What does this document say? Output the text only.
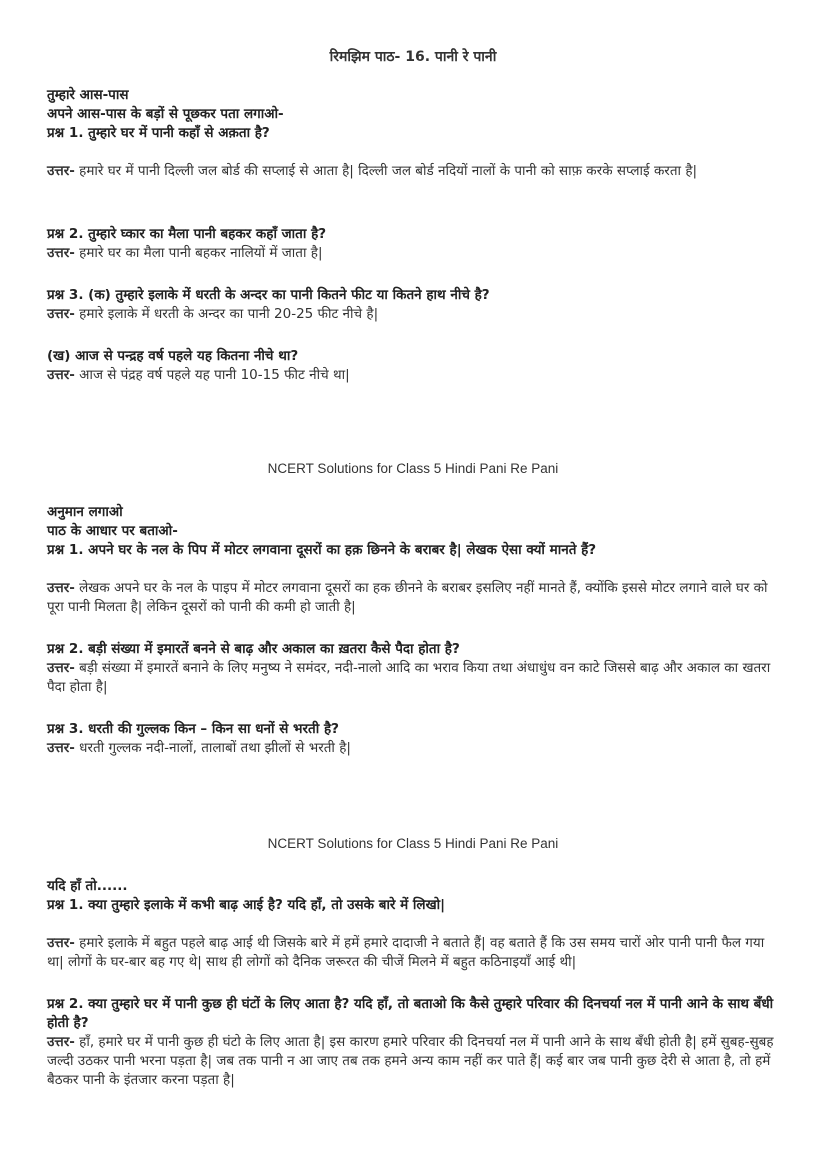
रिमझिम पाठ- 16. पानी रे पानी
तुम्हारे आस-पास
अपने आस-पास के बड़ों से पूछकर पता लगाओ-
प्रश्न 1. तुम्हारे घर में पानी कहाँ से अक़ता है?
उत्तर- हमारे घर में पानी दिल्ली जल बोर्ड की सप्लाई से आता है| दिल्ली जल बोर्ड नदियों नालों के पानी को साफ़ करके सप्लाई करता है|
प्रश्न 2. तुम्हारे घ्कार का मैला पानी बहकर कहाँ जाता है?
उत्तर- हमारे घर का मैला पानी बहकर नालियों में जाता है|
प्रश्न 3. (क) तुम्हारे इलाके में धरती के अन्दर का पानी कितने फीट या कितने हाथ नीचे है?
उत्तर- हमारे इलाके में धरती के अन्दर का पानी 20-25 फीट नीचे है|
(ख) आज से पन्द्रह वर्ष पहले यह कितना नीचे था?
उत्तर- आज से पंद्रह वर्ष पहले यह पानी 10-15 फीट नीचे था|
NCERT Solutions for Class 5 Hindi Pani Re Pani
अनुमान लगाओ
पाठ के आधार पर बताओ-
प्रश्न 1. अपने घर के नल के पिप में मोटर लगवाना दूसरों का हक़ छिनने के बराबर है| लेखक ऐसा क्यों मानते हैं?
उत्तर- लेखक अपने घर के नल के पाइप में मोटर लगवाना दूसरों का हक छीनने के बराबर इसलिए नहीं मानते हैं, क्योंकि इससे मोटर लगाने वाले घर को पूरा पानी मिलता है| लेकिन दूसरों को पानी की कमी हो जाती है|
प्रश्न 2. बड़ी संख्या में इमारतें बनने से बाढ़ और अकाल का ख़तरा कैसे पैदा होता है?
उत्तर- बड़ी संख्या में इमारतें बनाने के लिए मनुष्य ने समंदर, नदी-नालो आदि का भराव किया तथा अंधाधुंध वन काटे जिससे बाढ़ और अकाल का खतरा पैदा होता है|
प्रश्न 3. धरती की गुल्लक किन – किन सा धनों से भरती है?
उत्तर- धरती गुल्लक नदी-नालों, तालाबों तथा झीलों से भरती है|
NCERT Solutions for Class 5 Hindi Pani Re Pani
यदि हाँ तो......
प्रश्न 1. क्या तुम्हारे इलाके में कभी बाढ़ आई है? यदि हाँ, तो उसके बारे में लिखो|
उत्तर- हमारे इलाके में बहुत पहले बाढ़ आई थी जिसके बारे में हमें हमारे दादाजी ने बताते हैं| वह बताते हैं कि उस समय चारों ओर पानी पानी फैल गया था| लोगों के घर-बार बह गए थे| साथ ही लोगों को दैनिक जरूरत की चीजें मिलने में बहुत कठिनाइयाँ आई थी|
प्रश्न 2. क्या तुम्हारे घर में पानी कुछ ही घंटों के लिए आता है? यदि हाँ, तो बताओ कि कैसे तुम्हारे परिवार की दिनचर्या नल में पानी आने के साथ बँधी होती है?
उत्तर- हाँ, हमारे घर में पानी कुछ ही घंटो के लिए आता है| इस कारण हमारे परिवार की दिनचर्या नल में पानी आने के साथ बँधी होती है| हमें सुबह-सुबह जल्दी उठकर पानी भरना पड़ता है| जब तक पानी न आ जाए तब तक हमने अन्य काम नहीं कर पाते हैं| कई बार जब पानी कुछ देरी से आता है, तो हमें बैठकर पानी के इंतजार करना पड़ता है|
